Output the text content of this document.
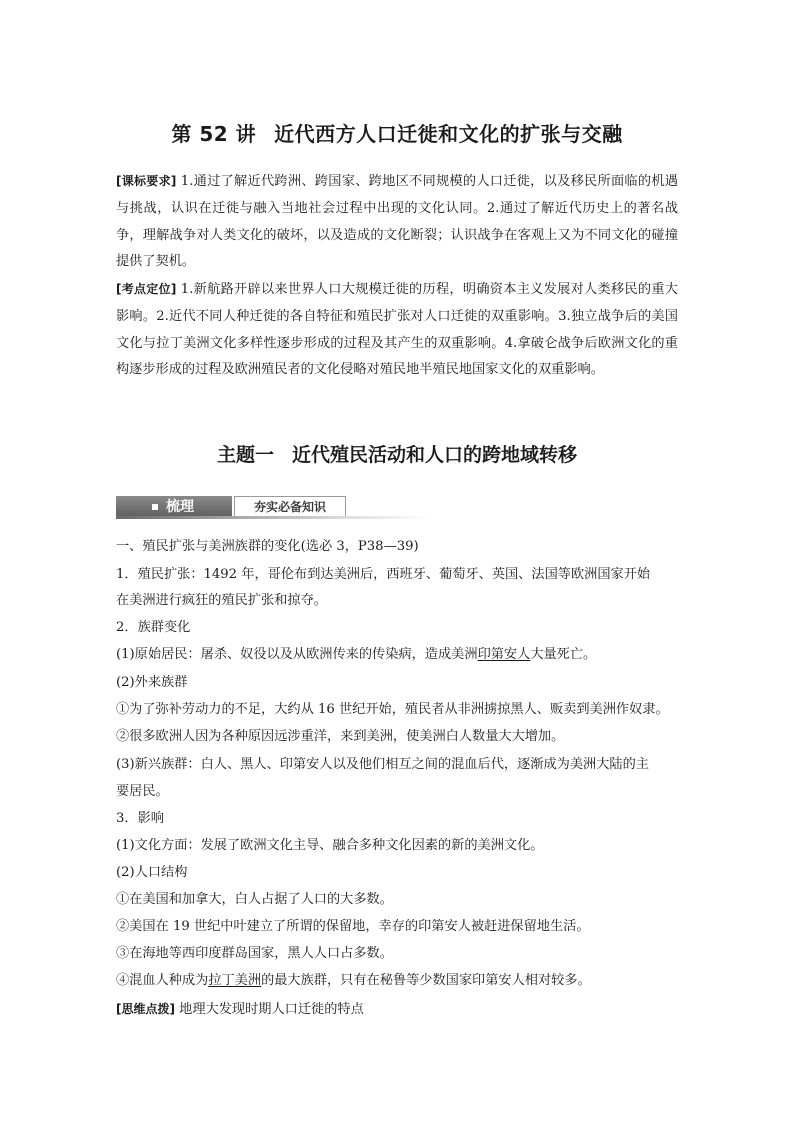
第 52 讲 近代西方人口迁徙和文化的扩张与交融
[课标要求] 1.通过了解近代跨洲、跨国家、跨地区不同规模的人口迁徙，以及移民所面临的机遇与挑战，认识在迁徙与融入当地社会过程中出现的文化认同。2.通过了解近代历史上的著名战争，理解战争对人类文化的破坏，以及造成的文化断裂；认识战争在客观上又为不同文化的碰撞提供了契机。
[考点定位] 1.新航路开辟以来世界人口大规模迁徙的历程，明确资本主义发展对人类移民的重大影响。2.近代不同人种迁徙的各自特征和殖民扩张对人口迁徙的双重影响。3.独立战争后的美国文化与拉丁美洲文化多样性逐步形成的过程及其产生的双重影响。4.拿破仑战争后欧洲文化的重构逐步形成的过程及欧洲殖民者的文化侵略对殖民地半殖民地国家文化的双重影响。
主题一 近代殖民活动和人口的跨地域转移
梳理	夯实必备知识
一、殖民扩张与美洲族群的变化(选必 3，P38—39)
1．殖民扩张：1492 年，哥伦布到达美洲后，西班牙、葡萄牙、英国、法国等欧洲国家开始
在美洲进行疯狂的殖民扩张和掠夺。
2．族群变化
(1)原始居民：屠杀、奴役以及从欧洲传来的传染病，造成美洲印第安人大量死亡。
(2)外来族群
①为了弥补劳动力的不足，大约从 16 世纪开始，殖民者从非洲掳掠黑人、贩卖到美洲作奴隶。
②很多欧洲人因为各种原因远涉重洋，来到美洲，使美洲白人数量大大增加。
(3)新兴族群：白人、黑人、印第安人以及他们相互之间的混血后代，逐渐成为美洲大陆的主
要居民。
3．影响
(1)文化方面：发展了欧洲文化主导、融合多种文化因素的新的美洲文化。
(2)人口结构
①在美国和加拿大，白人占据了人口的大多数。
②美国在 19 世纪中叶建立了所谓的保留地，幸存的印第安人被赶进保留地生活。
③在海地等西印度群岛国家，黑人人口占多数。
④混血人种成为拉丁美洲的最大族群，只有在秘鲁等少数国家印第安人相对较多。
[思维点拨] 地理大发现时期人口迁徙的特点
